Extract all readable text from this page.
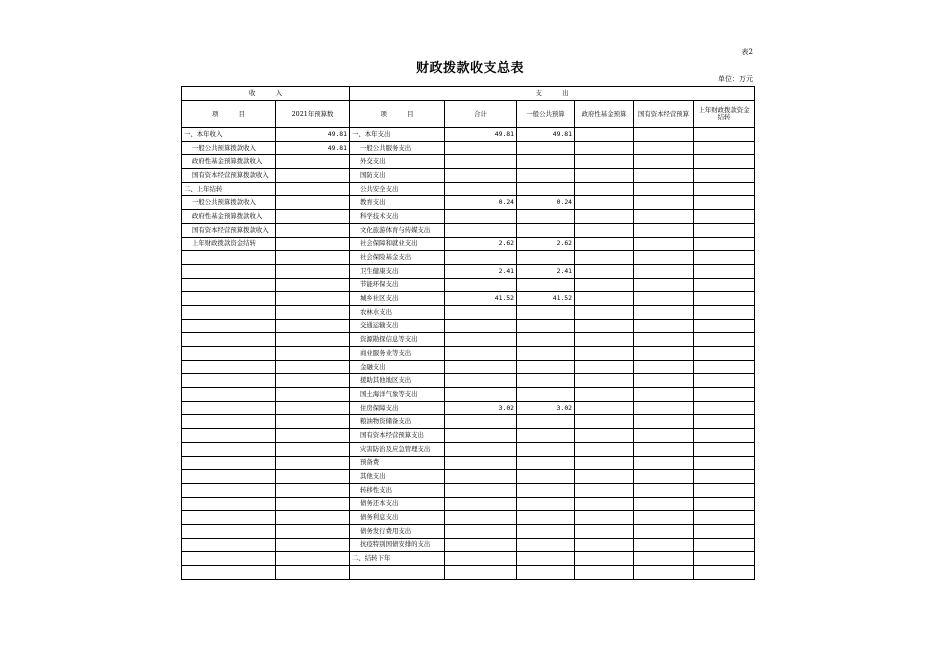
表2
财政拨款收支总表
单位：万元
收          入		支          出					
项          目	2021年预算数	项          目	合计	一般公共预算	政府性基金预算	国有资本经营预算	上年财政拨款资金结转
一、本年收入	49.81	一、本年支出	49.81	49.81			
一般公共预算拨款收入	49.81	一般公共服务支出					
政府性基金预算拨款收入		外交支出					
国有资本经营预算拨款收入		国防支出					
二、上年结转		公共安全支出					
一般公共预算拨款收入		教育支出	0.24	0.24			
政府性基金预算拨款收入		科学技术支出					
国有资本经营预算拨款收入		文化旅游体育与传媒支出					
上年财政拨款资金结转		社会保障和就业支出	2.62	2.62			
		社会保险基金支出					
		卫生健康支出	2.41	2.41			
		节能环保支出					
		城乡社区支出	41.52	41.52			
		农林水支出					
		交通运输支出					
		资源勘探信息等支出					
		商业服务业等支出					
		金融支出					
		援助其他地区支出					
		国土海洋气象等支出					
		住房保障支出	3.02	3.02			
		粮油物资储备支出					
		国有资本经营预算支出					
		灾害防治及应急管理支出					
		预备费					
		其他支出					
		转移性支出					
		债务还本支出					
		债务利息支出					
		债务发行费用支出					
		抗疫特别国债安排的支出					
		二、结转下年					
